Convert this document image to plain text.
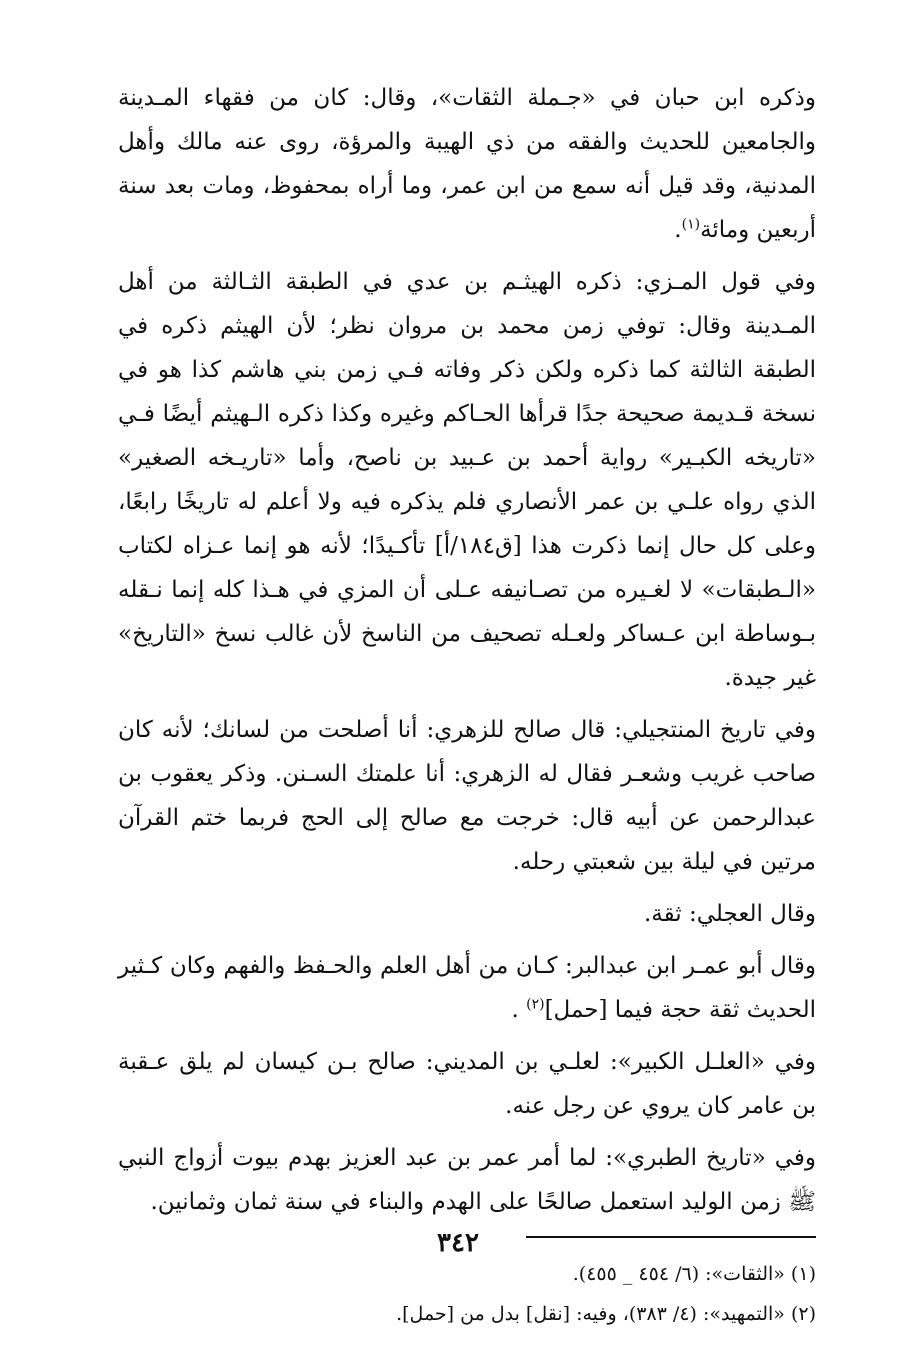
وذكره ابن حبان في «جـملة الثقات»، وقال: كان من فقهاء المـدينة والجامعين للحديث والفقه من ذي الهيبة والمرؤة، روى عنه مالك وأهل المدنية، وقد قيل أنه سمع من ابن عمر، وما أراه بمحفوظ، ومات بعد سنة أربعين ومائة$^{(١)}$.

وفي قول المـزي: ذكره الهيثـم بن عدي في الطبقة الثـالثة من أهل المـدينة وقال: توفي زمن محمد بن مروان نظر؛ لأن الهيثم ذكره في الطبقة الثالثة كما ذكره ولكن ذكر وفاته فـي زمن بني هاشم كذا هو في نسخة قـديمة صحيحة جدًا قرأها الحـاكم وغيره وكذا ذكره الـهيثم أيضًا فـي «تاريخه الكبـير» رواية أحمد بن عـبيد بن ناصح، وأما «تاريـخه الصغير» الذي رواه علـي بن عمر الأنصاري فلم يذكره فيه ولا أعلم له تاريخًا رابعًا، وعلى كل حال إنما ذكرت هذا [ق١٨٤/أ] تأكـيدًا؛ لأنه هو إنما عـزاه لكتاب «الـطبقات» لا لغـيره من تصـانيفه عـلى أن المزي في هـذا كله إنما نـقله بـوساطة ابن عـساكر ولعـله تصحيف من الناسخ لأن غالب نسخ «التاريخ» غير جيدة.

وفي تاريخ المنتجيلي: قال صالح للزهري: أنا أصلحت من لسانك؛ لأنه كان صاحب غريب وشعـر فقال له الزهري: أنا علمتك السـنن. وذكر يعقوب بن عبدالرحمن عن أبيه قال: خرجت مع صالح إلى الحج فربما ختم القرآن مرتين في ليلة بين شعبتي رحله.

وقال العجلي: ثقة.

وقال أبو عمـر ابن عبدالبر: كـان من أهل العلم والحـفظ والفهم وكان كـثير الحديث ثقة حجة فيما [حمل]$^{(٢)}$ .

وفي «العلـل الكبير»: لعلـي بن المديني: صالح بـن كيسان لم يلق عـقبة بن عامر كان يروي عن رجل عنه.

وفي «تاريخ الطبري»: لما أمر عمر بن عبد العزيز بهدم بيوت أزواج النبي ﷺ زمن الوليد استعمل صالحًا على الهدم والبناء في سنة ثمان وثمانين.

(١) «الثقات»: (٦/ ٤٥٤ _ ٤٥٥).

(٢) «التمهيد»: (٤/ ٣٨٣)، وفيه: [نقل] بدل من [حمل].

٣٤٢
